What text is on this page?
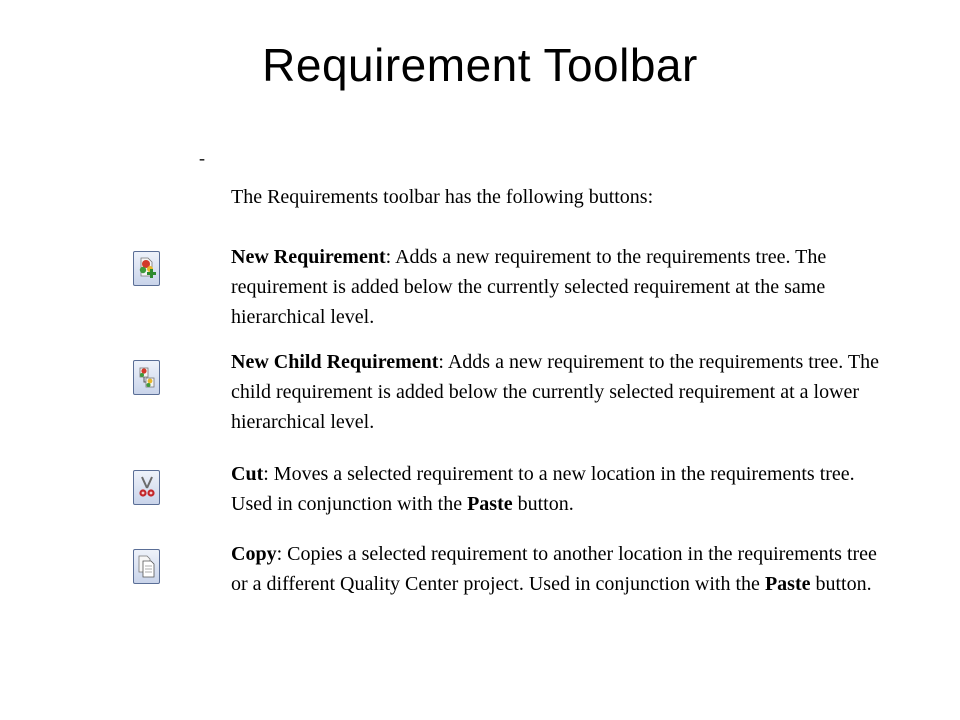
Requirement Toolbar
-
The Requirements toolbar has the following buttons:
New Requirement: Adds a new requirement to the requirements tree. The requirement is added below the currently selected requirement at the same hierarchical level.
New Child Requirement: Adds a new requirement to the requirements tree. The child requirement is added below the currently selected requirement at a lower hierarchical level.
Cut: Moves a selected requirement to a new location in the requirements tree. Used in conjunction with the Paste button.
Copy: Copies a selected requirement to another location in the requirements tree or a different Quality Center project. Used in conjunction with the Paste button.
